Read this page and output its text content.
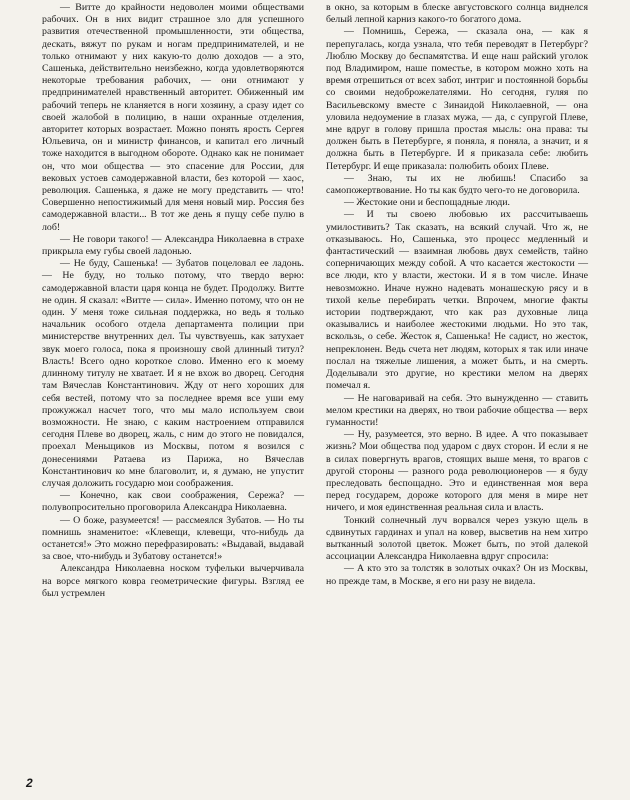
— Витте до крайности недоволен моими обществами рабочих. Он в них видит страшное зло для успешного развития отечественной промышленности, эти общества, дескать, вяжут по рукам и ногам предпринимателей, и не только отнимают у них какую-то долю доходов — а это, Сашенька, действительно неизбежно, когда удовлетворяются некоторые требования рабочих, — они отнимают у предпринимателей нравственный авторитет. Обиженный им рабочий теперь не кланяется в ноги хозяину, а сразу идет со своей жалобой в полицию, в наши охранные отделения, авторитет которых возрастает. Можно понять ярость Сергея Юльевича, он и министр финансов, и капитал его личный тоже находится в выгодном обороте. Однако как не понимает он, что мои общества — это спасение для России, для вековых устоев самодержавной власти, без которой — хаос, революция. Сашенька, я даже не могу представить — что! Совершенно непостижимый для меня новый мир. Россия без самодержавной власти... В тот же день я пущу себе пулю в лоб!

— Не говори такого! — Александра Николаевна в страхе прикрыла ему губы своей ладонью.

— Не буду, Сашенька! — Зубатов поцеловал ее ладонь. — Не буду, но только потому, что твердо верю: самодержавной власти царя конца не будет. Продолжу. Витте не один. Я сказал: «Витте — сила». Именно потому, что он не один. У меня тоже сильная поддержка, но ведь я только начальник особого отдела департамента полиции при министерстве внутренних дел. Ты чувствуешь, как затухает звук моего голоса, пока я произношу свой длинный титул? Власть! Всего одно короткое слово. Именно его к моему длинному титулу не хватает. И я не вхож во дворец. Сегодня там Вячеслав Константинович. Жду от него хороших для себя вестей, потому что за последнее время все уши ему прожужжал насчет того, что мы мало используем свои возможности. Не знаю, с каким настроением отправился сегодня Плеве во дворец, жаль, с ним до этого не повидался, проехал Меньщиков из Москвы, потом я возился с донесениями Ратаева из Парижа, но Вячеслав Константинович ко мне благоволит, и, я думаю, не упустит случая доложить государю мои соображения.

— Конечно, как свои соображения, Сережа? — полувопросительно проговорила Александра Николаевна.

— О боже, разумеется! — рассмеялся Зубатов. — Но ты помнишь знаменитое: «Клевещи, клевещи, что-нибудь да останется!» Это можно перефразировать: «Выдавай, выдавай за свое, что-нибудь и Зубатову останется!»

Александра Николаевна носком туфельки вычерчивала на ворсе мягкого ковра геометрические фигуры. Взгляд ее был устремлен

в окно, за которым в блеске августовского солнца виднелся белый лепной карниз какого-то богатого дома.

— Помнишь, Сережа, — сказала она, — как я перепугалась, когда узнала, что тебя переводят в Петербург? Люблю Москву до беспамятства. И еще наш райский уголок под Владимиром, наше поместье, в котором можно хоть на время отрешиться от всех забот, интриг и постоянной борьбы со своими недоброжелателями. Но сегодня, гуляя по Васильевскому вместе с Зинаидой Николаевной, — она уловила недоумение в глазах мужа, — да, с супругой Плеве, мне вдруг в голову пришла простая мысль: она права: ты должен быть в Петербурге, я поняла, я поняла, а значит, и я должна быть в Петербурге. И я приказала себе: любить Петербург. И еще приказала: полюбить обоих Плеве.

— Знаю, ты их не любишь! Спасибо за самопожертвование. Но ты как будто чего-то не договорила.

— Жестокие они и беспощадные люди.

— И ты своею любовью их рассчитываешь умилостивить? Так сказать, на всякий случай. Что ж, не отказываюсь. Но, Сашенька, это процесс медленный и фантастический — взаимная любовь двух семейств, тайно соперничающих между собой. А что касается жестокости — все люди, кто у власти, жестоки. И я в том числе. Иначе невозможно. Иначе нужно надевать монашескую рясу и в тихой келье перебирать четки. Впрочем, многие факты истории подтверждают, что как раз духовные лица оказывались и наиболее жестокими людьми. Но это так, вскользь, о себе. Жесток я, Сашенька! Не садист, но жесток, непреклонен. Ведь счета нет людям, которых я так или иначе послал на тяжелые лишения, а может быть, и на смерть. Доделывали это другие, но крестики мелом на дверях помечал я.

— Не наговаривай на себя. Это вынужденно — ставить мелом крестики на дверях, но твои рабочие общества — верх гуманности!

— Ну, разумеется, это верно. В идее. А что показывает жизнь? Мои общества под ударом с двух сторон. И если я не в силах повергнуть врагов, стоящих выше меня, то врагов с другой стороны — разного рода революционеров — я буду преследовать беспощадно. Это и единственная моя вера перед государем, дороже которого для меня в мире нет ничего, и моя единственная реальная сила и власть.

Тонкий солнечный луч ворвался через узкую щель в сдвинутых гардинах и упал на ковер, высветив на нем хитро вытканный золотой цветок. Может быть, по этой далекой ассоциации Александра Николаевна вдруг спросила:

— А кто это за толстяк в золотых очках? Он из Москвы, но прежде там, в Москве, я его ни разу не видела.

2
